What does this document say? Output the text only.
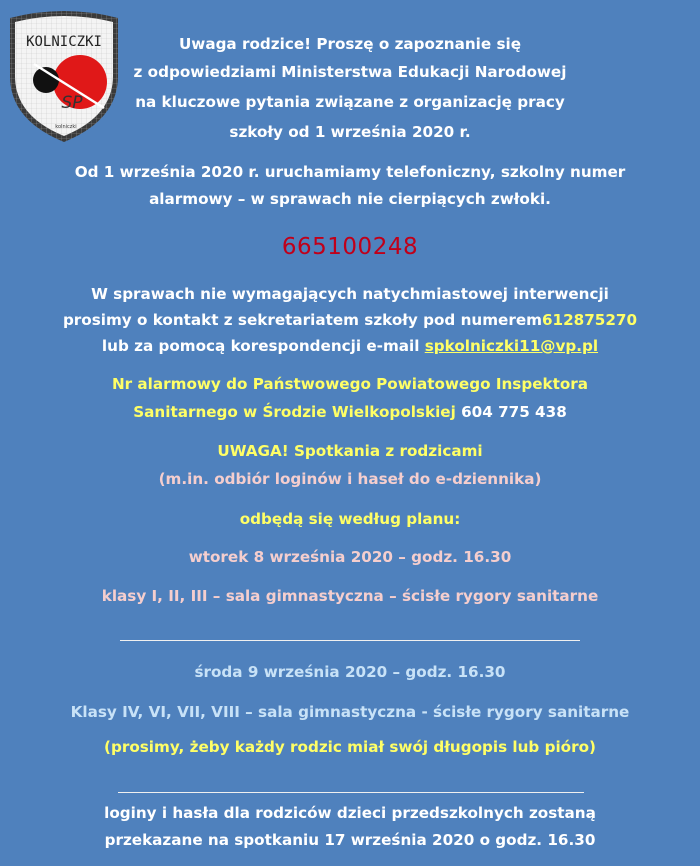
KOLNICZKI
SP
kolniczki
Uwaga rodzice! Proszę o zapoznanie się
z odpowiedziami Ministerstwa Edukacji Narodowej
na kluczowe pytania związane z organizację pracy
szkoły od 1 września 2020 r.
Od 1 września 2020 r. uruchamiamy telefoniczny, szkolny numer
alarmowy – w sprawach nie cierpiących zwłoki.
665100248
W sprawach nie wymagających natychmiastowej interwencji
prosimy o kontakt z sekretariatem szkoły pod numerem612875270
lub za pomocą korespondencji e-mail spkolniczki11@vp.pl
Nr alarmowy do Państwowego Powiatowego Inspektora
Sanitarnego w Środzie Wielkopolskiej 604 775 438
UWAGA! Spotkania z rodzicami
(m.in. odbiór loginów i haseł do e-dziennika)
odbędą się według planu:
wtorek 8 września 2020 – godz. 16.30
klasy I, II, III – sala gimnastyczna – ścisłe rygory sanitarne
środa 9 września 2020 – godz. 16.30
Klasy IV, VI, VII, VIII – sala gimnastyczna - ścisłe rygory sanitarne
(prosimy, żeby każdy rodzic miał swój długopis lub pióro)
loginy i hasła dla rodziców dzieci przedszkolnych zostaną
przekazane na spotkaniu 17 września 2020 o godz. 16.30
